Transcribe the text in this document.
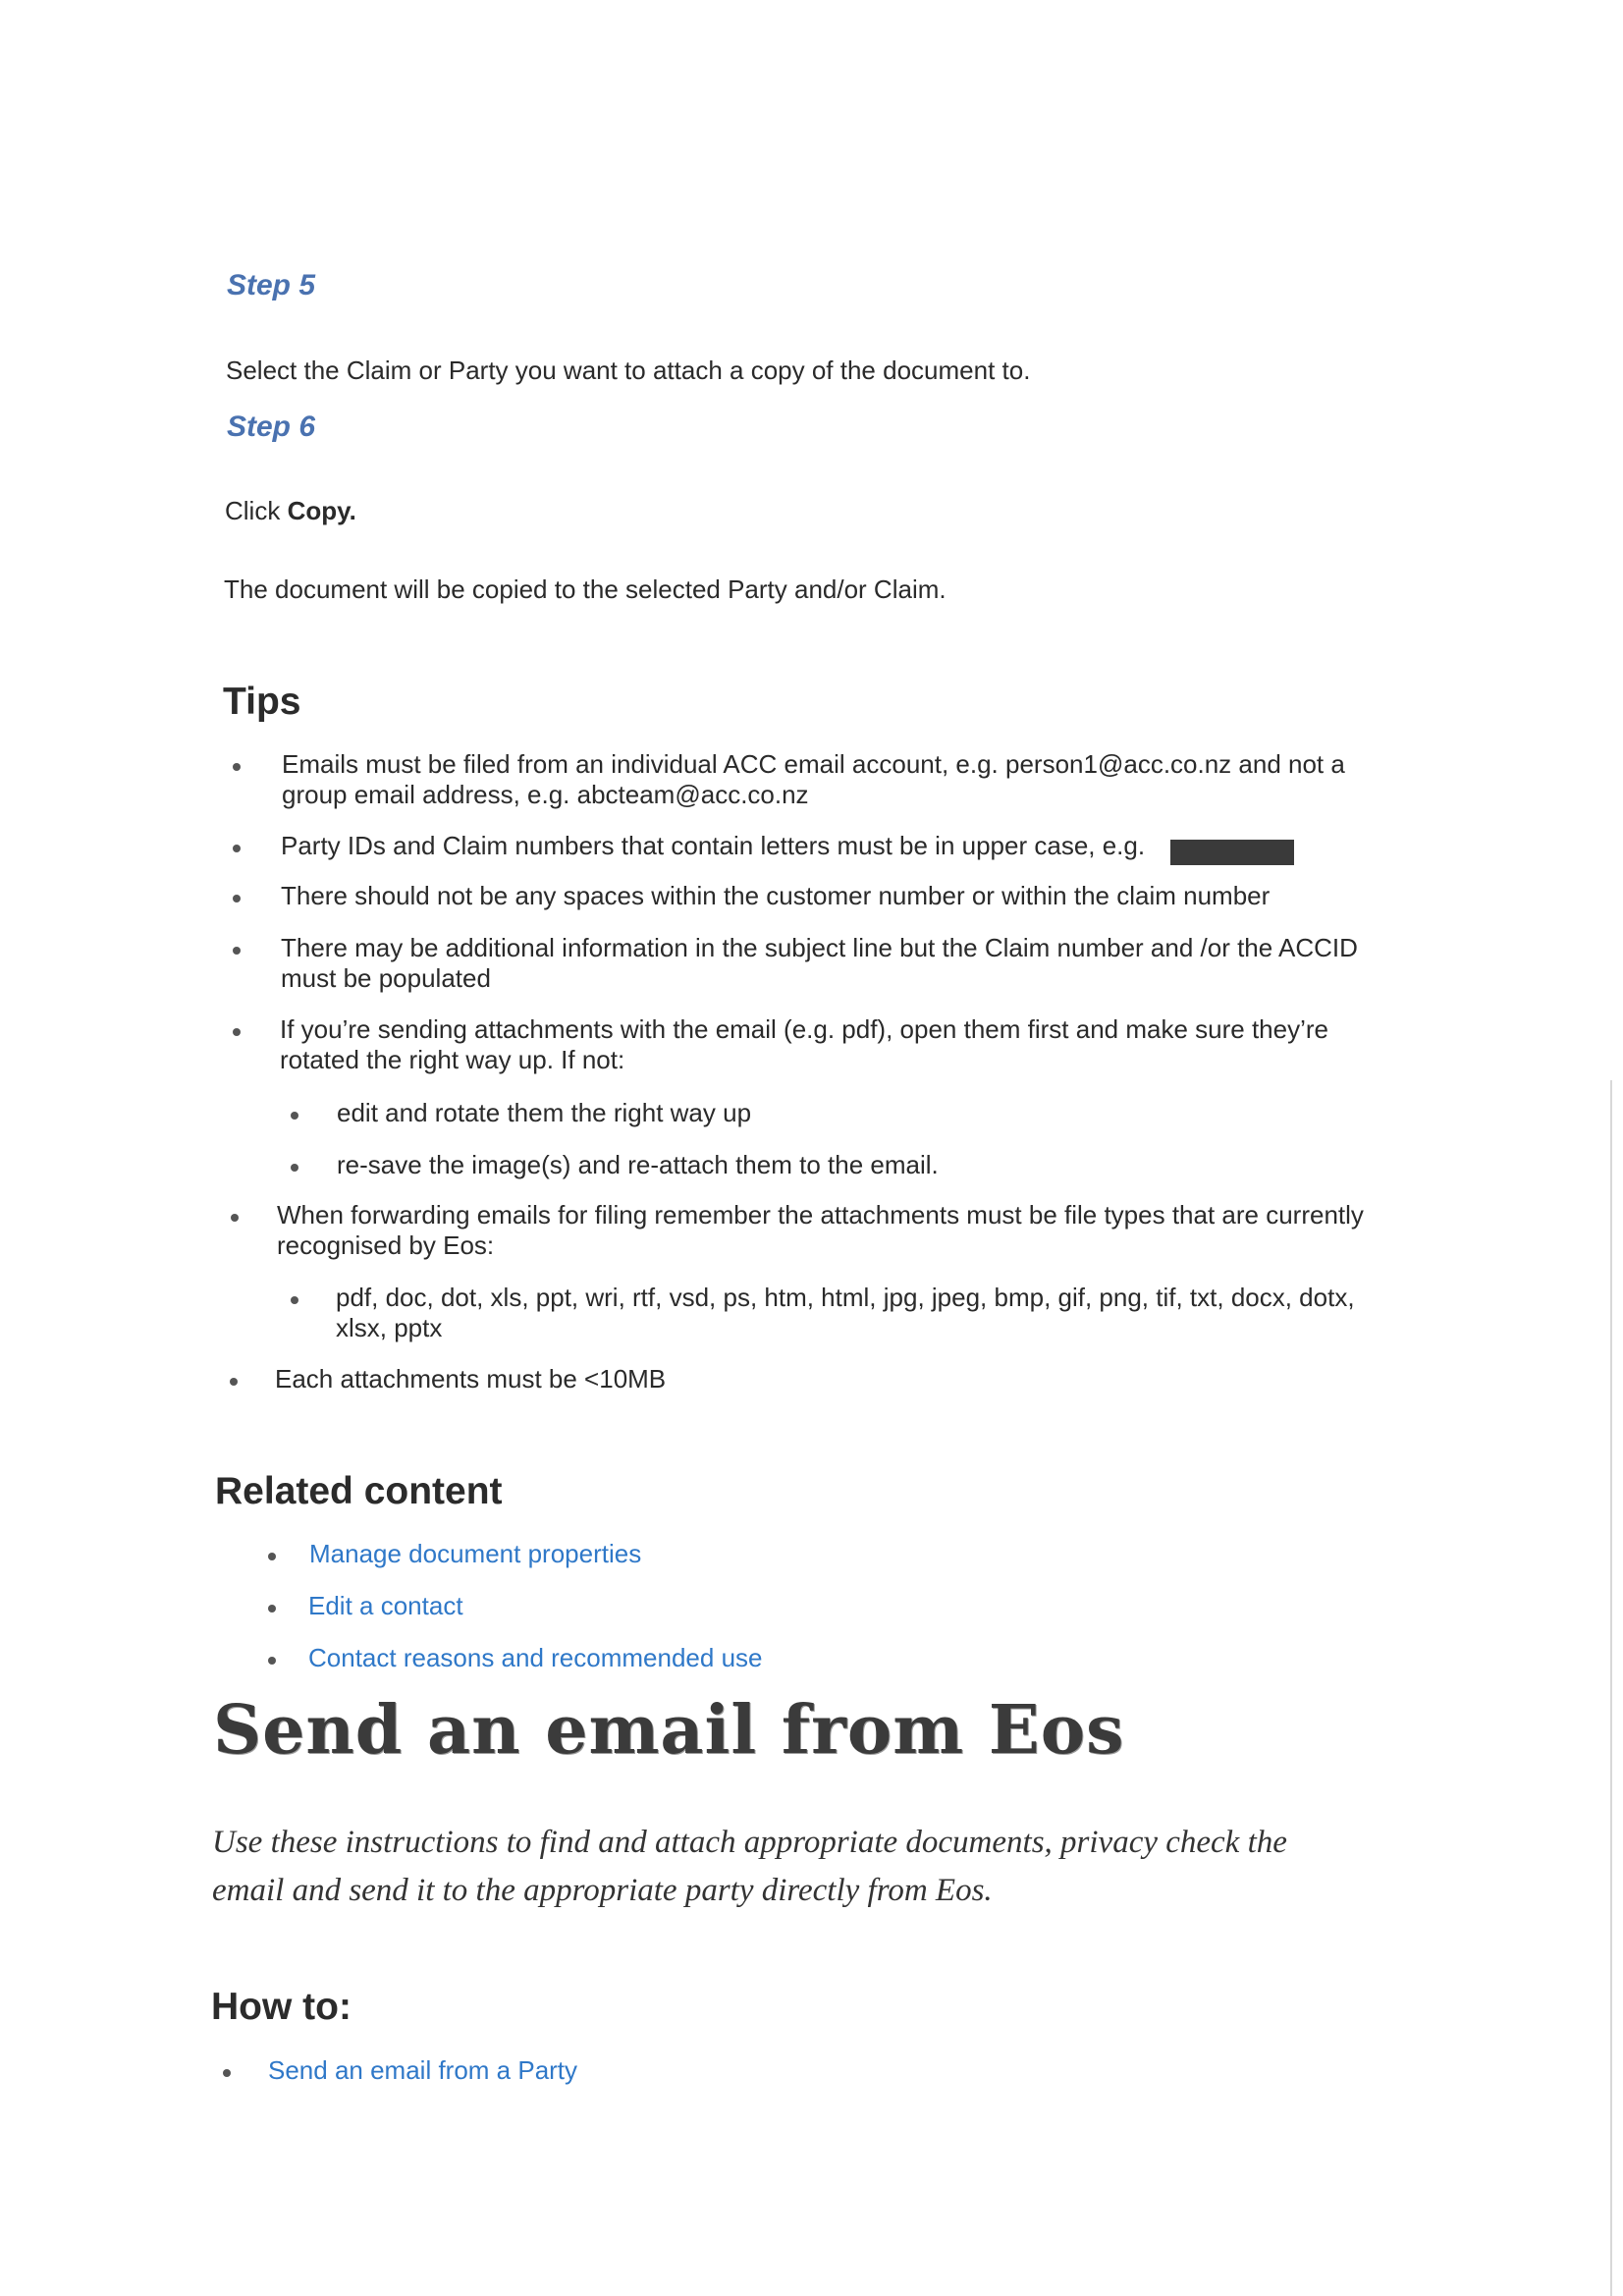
Step 5
Select the Claim or Party you want to attach a copy of the document to.
Step 6
Click Copy.
The document will be copied to the selected Party and/or Claim.
Tips
Emails must be filed from an individual ACC email account, e.g. person1@acc.co.nz and not a
group email address, e.g. abcteam@acc.co.nz
Party IDs and Claim numbers that contain letters must be in upper case, e.g.
There should not be any spaces within the customer number or within the claim number
There may be additional information in the subject line but the Claim number and /or the ACCID
must be populated
If you’re sending attachments with the email (e.g. pdf), open them first and make sure they’re
rotated the right way up. If not:
edit and rotate them the right way up
re-save the image(s) and re-attach them to the email.
When forwarding emails for filing remember the attachments must be file types that are currently
recognised by Eos:
pdf, doc, dot, xls, ppt, wri, rtf, vsd, ps, htm, html, jpg, jpeg, bmp, gif, png, tif, txt, docx, dotx,
xlsx, pptx
Each attachments must be <10MB
Related content
Manage document properties
Edit a contact
Contact reasons and recommended use
Send an email from Eos
Use these instructions to find and attach appropriate documents, privacy check the
email and send it to the appropriate party directly from Eos.
How to:
Send an email from a Party
